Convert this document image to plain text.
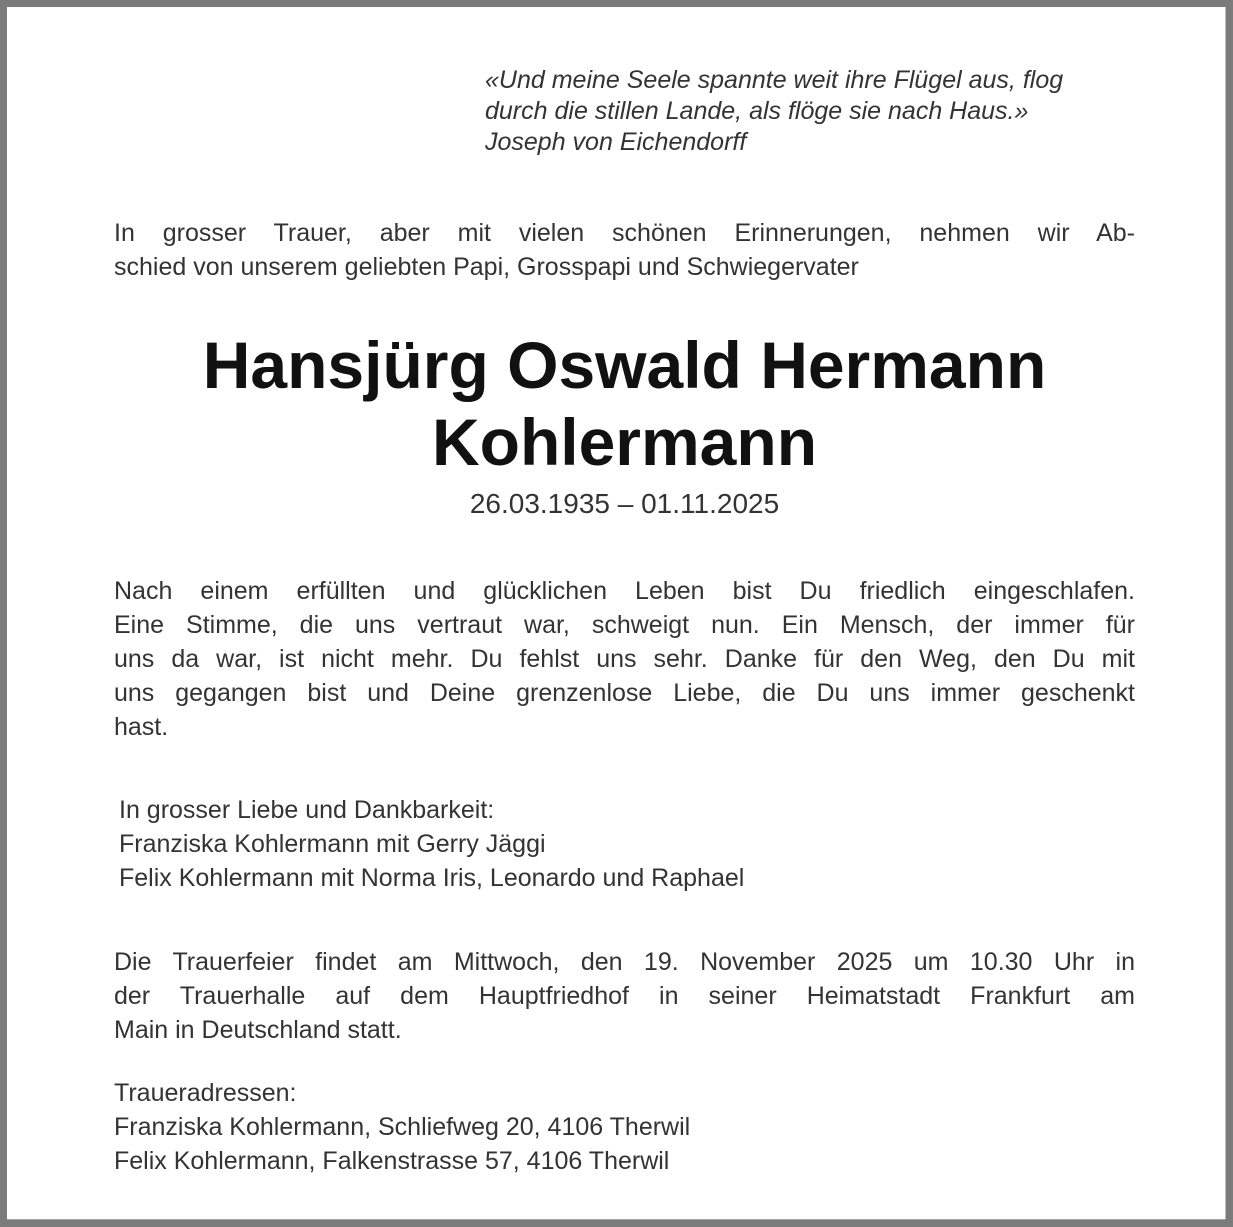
«Und meine Seele spannte weit ihre Flügel aus, flog
durch die stillen Lande, als flöge sie nach Haus.»
Joseph von Eichendorff
In grosser Trauer, aber mit vielen schönen Erinnerungen, nehmen wir Ab-
schied von unserem geliebten Papi, Grosspapi und Schwiegervater
Hansjürg Oswald Hermann
Kohlermann
26.03.1935 – 01.11.2025
Nach einem erfüllten und glücklichen Leben bist Du friedlich eingeschlafen.
Eine Stimme, die uns vertraut war, schweigt nun. Ein Mensch, der immer für
uns da war, ist nicht mehr. Du fehlst uns sehr. Danke für den Weg, den Du mit
uns gegangen bist und Deine grenzenlose Liebe, die Du uns immer geschenkt
hast.
In grosser Liebe und Dankbarkeit:
Franziska Kohlermann mit Gerry Jäggi
Felix Kohlermann mit Norma Iris, Leonardo und Raphael
Die Trauerfeier findet am Mittwoch, den 19. November 2025 um 10.30 Uhr in
der Trauerhalle auf dem Hauptfriedhof in seiner Heimatstadt Frankfurt am
Main in Deutschland statt.
Traueradressen:
Franziska Kohlermann, Schliefweg 20, 4106 Therwil
Felix Kohlermann, Falkenstrasse 57, 4106 Therwil
